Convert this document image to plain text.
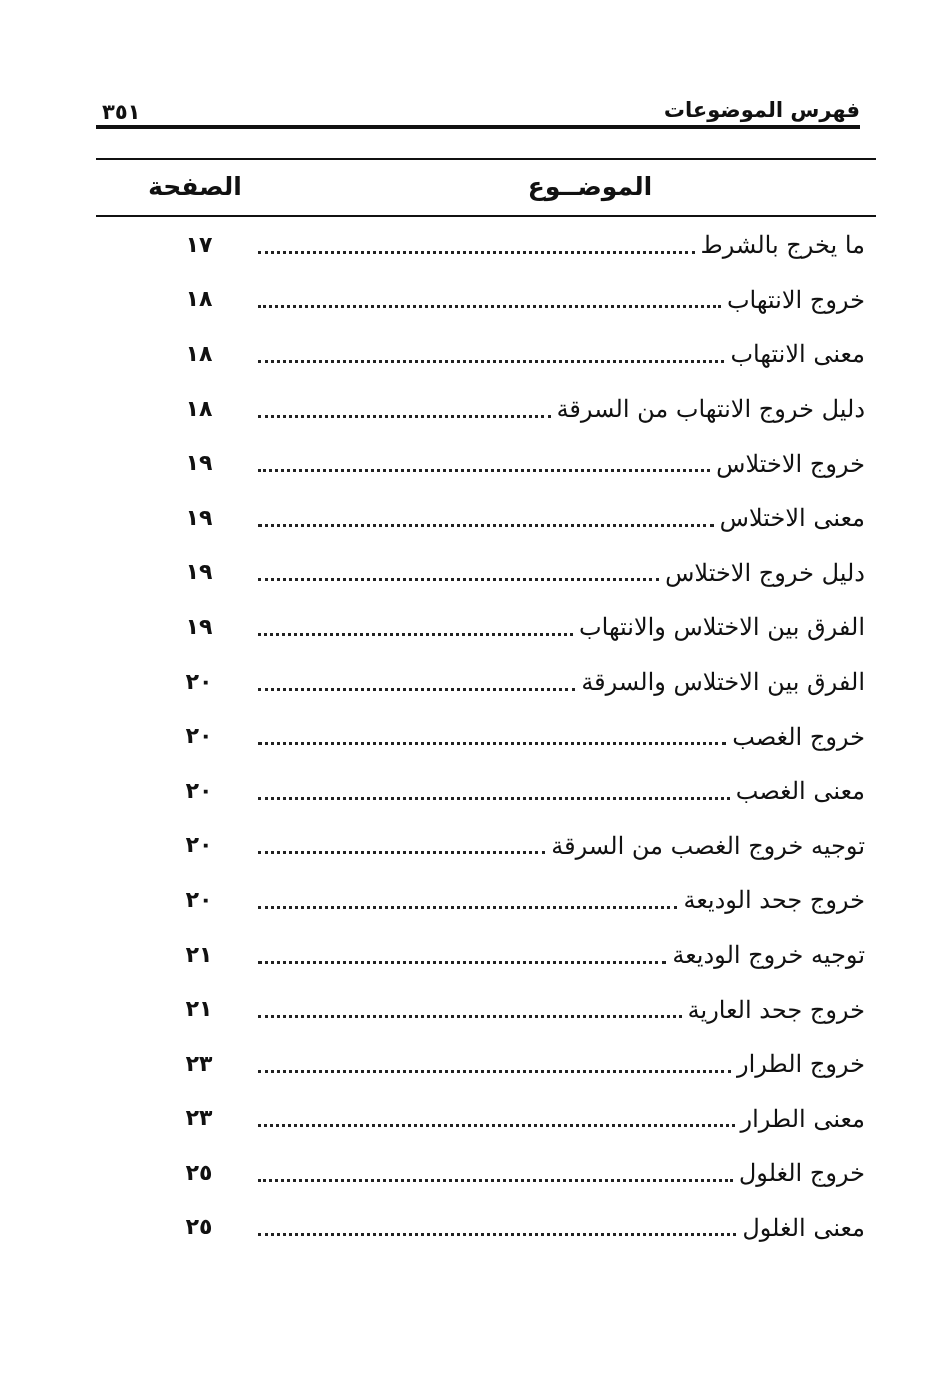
فهرس الموضوعات
٣٥١
الموضــوع
الصفحة
ما يخرج بالشرط
١٧
خروج الانتهاب
١٨
معنى الانتهاب
١٨
دليل خروج الانتهاب من السرقة
١٨
خروج الاختلاس
١٩
معنى الاختلاس
١٩
دليل خروج الاختلاس
١٩
الفرق بين الاختلاس والانتهاب
١٩
الفرق بين الاختلاس والسرقة
٢٠
خروج الغصب
٢٠
معنى الغصب
٢٠
توجيه خروج الغصب من السرقة
٢٠
خروج جحد الوديعة
٢٠
توجيه خروج الوديعة
٢١
خروج جحد العارية
٢١
خروج الطرار
٢٣
معنى الطرار
٢٣
خروج الغلول
٢٥
معنى الغلول
٢٥
